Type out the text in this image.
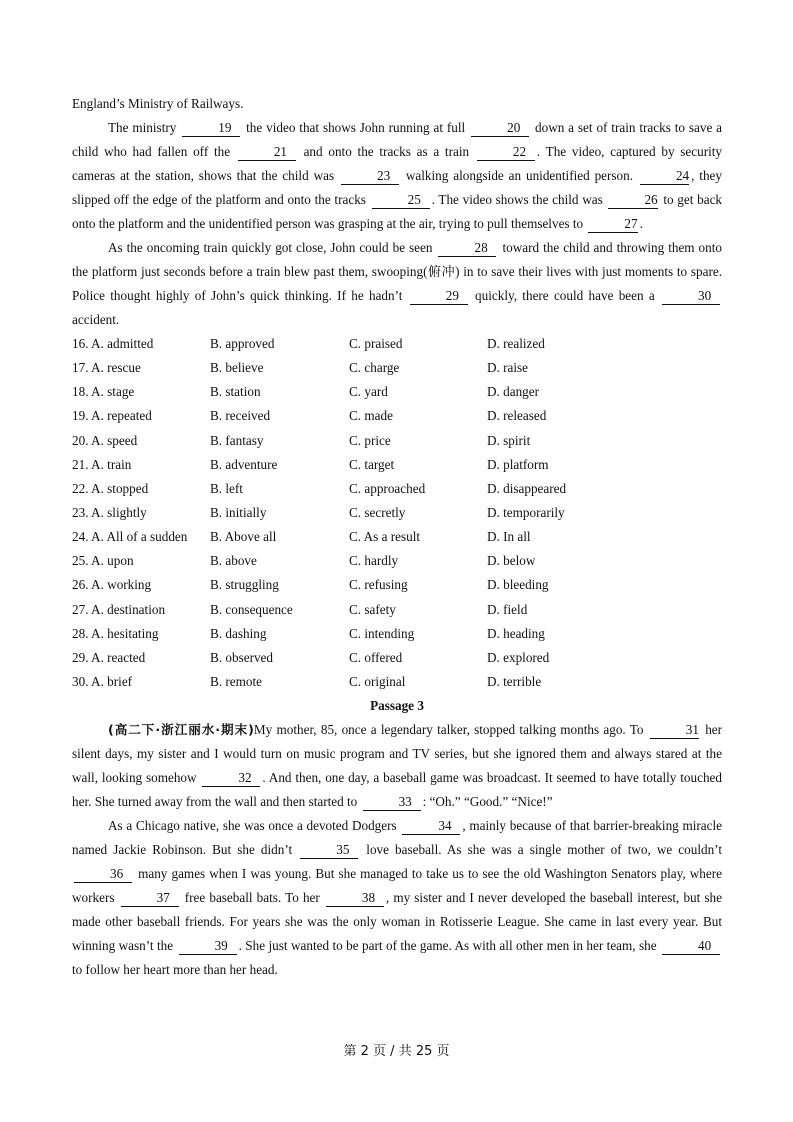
England’s Ministry of Railways.

The ministry	19 the video that shows John running at full	20 down a set of train tracks to save a child who had fallen off the	21 and onto the tracks as a train	22 . The video, captured by security cameras at the station, shows that the child was	23 walking alongside an unidentified person.	24 , they slipped off the edge of the platform and onto the tracks	25 . The video shows the child was	26 to get back onto the platform and the unidentified person was grasping at the air, trying to pull themselves to	27 .

As the oncoming train quickly got close, John could be seen	28 toward the child and throwing them onto the platform just seconds before a train blew past them, swooping(俯冲) in to save their lives with just moments to spare. Police thought highly of John’s quick thinking. If he hadn’t	29 quickly, there could have been a	30 accident.

16. A. admitted	B. approved	C. praised	D. realized
17. A. rescue	B. believe	C. charge	D. raise
18. A. stage	B. station	C. yard	D. danger
19. A. repeated	B. received	C. made	D. released
20. A. speed	B. fantasy	C. price	D. spirit
21. A. train	B. adventure	C. target	D. platform
22. A. stopped	B. left	C. approached	D. disappeared
23. A. slightly	B. initially	C. secretly	D. temporarily
24. A. All of a sudden	B. Above all	C. As a result	D. In all
25. A. upon	B. above	C. hardly	D. below
26. A. working	B. struggling	C. refusing	D. bleeding
27. A. destination	B. consequence	C. safety	D. field
28. A. hesitating	B. dashing	C. intending	D. heading
29. A. reacted	B. observed	C. offered	D. explored
30. A. brief	B. remote	C. original	D. terrible
Passage 3

(高二下·浙江丽水·期末)My mother, 85, once a legendary talker, stopped talking months ago. To	31 her silent days, my sister and I would turn on music program and TV series, but she ignored them and always stared at the wall, looking somehow	32 . And then, one day, a baseball game was broadcast. It seemed to have totally touched her. She turned away from the wall and then started to	33 : “Oh.” “Good.” “Nice!”

As a Chicago native, she was once a devoted Dodgers	34 , mainly because of that barrier-breaking miracle named Jackie Robinson. But she didn’t	35 love baseball. As she was a single mother of two, we couldn’t 36 many games when I was young. But she managed to take us to see the old Washington Senators play, where workers	37 free baseball bats. To her	38 , my sister and I never developed the baseball interest, but she made other baseball friends. For years she was the only woman in Rotisserie League. She came in last every year. But winning wasn’t the	39 . She just wanted to be part of the game. As with all other men in her team, she	40 to follow her heart more than her head.

第 2 页 / 共 25 页
